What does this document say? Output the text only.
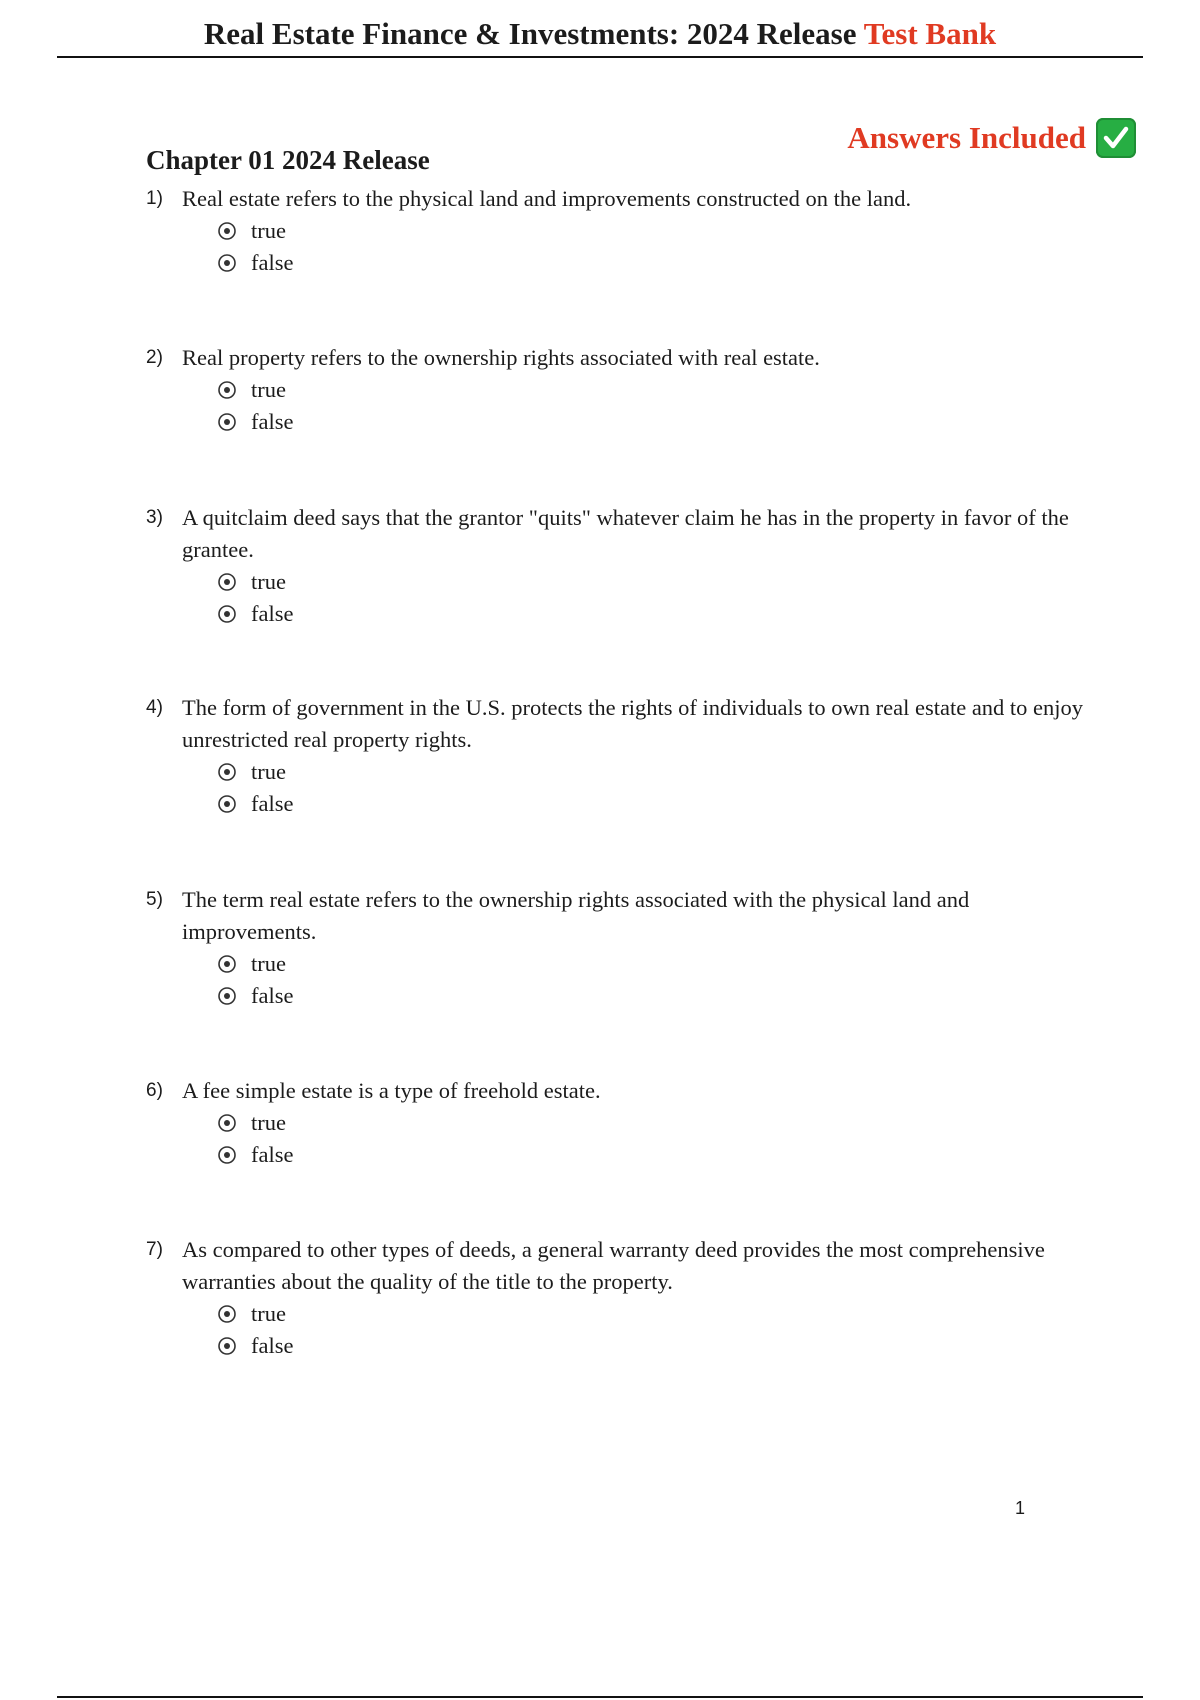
Real Estate Finance & Investments: 2024 Release Test Bank
Answers Included
Chapter 01 2024 Release
1) Real estate refers to the physical land and improvements constructed on the land.
true
false
2) Real property refers to the ownership rights associated with real estate.
true
false
3) A quitclaim deed says that the grantor "quits" whatever claim he has in the property in favor of the grantee.
true
false
4) The form of government in the U.S. protects the rights of individuals to own real estate and to enjoy unrestricted real property rights.
true
false
5) The term real estate refers to the ownership rights associated with the physical land and improvements.
true
false
6) A fee simple estate is a type of freehold estate.
true
false
7) As compared to other types of deeds, a general warranty deed provides the most comprehensive warranties about the quality of the title to the property.
true
false
1
